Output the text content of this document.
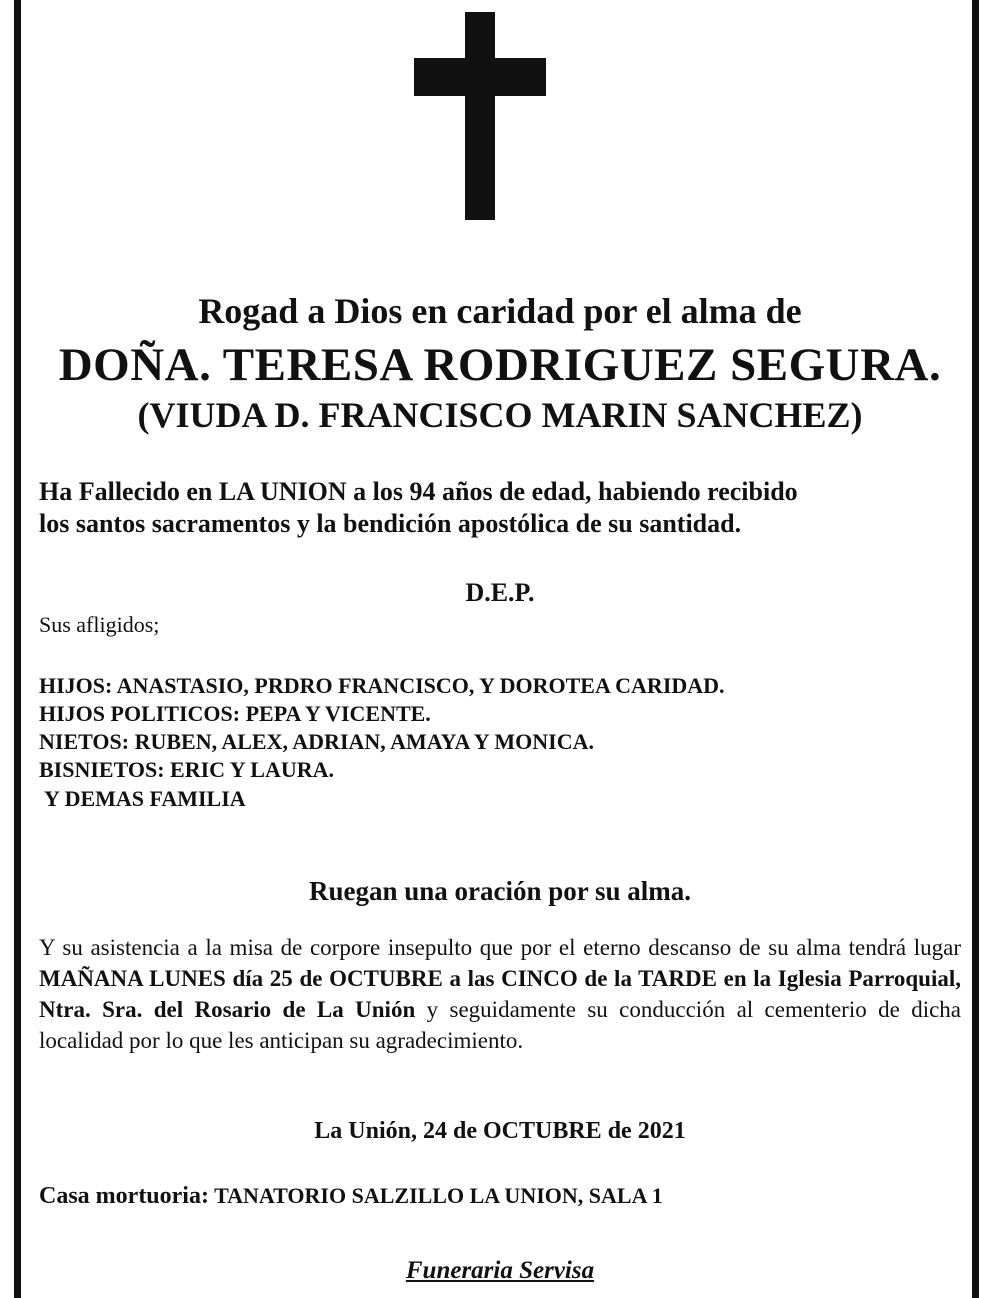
Rogad a Dios en caridad por el alma de
DOÑA. TERESA RODRIGUEZ SEGURA.
(VIUDA D. FRANCISCO MARIN SANCHEZ)
Ha Fallecido en LA UNION a los 94 años de edad, habiendo recibido
los santos sacramentos y la bendición apostólica de su santidad.
D.E.P.
Sus afligidos;
HIJOS: ANASTASIO, PRDRO FRANCISCO, Y DOROTEA CARIDAD.
HIJOS POLITICOS: PEPA Y VICENTE.
NIETOS: RUBEN, ALEX, ADRIAN, AMAYA Y MONICA.
BISNIETOS: ERIC Y LAURA.
Y DEMAS FAMILIA
Ruegan una oración por su alma.
Y su asistencia a la misa de corpore insepulto que por el eterno descanso de su alma tendrá lugar MAÑANA LUNES día 25 de OCTUBRE a las CINCO de la TARDE en la Iglesia Parroquial, Ntra. Sra. del Rosario de La Unión y seguidamente su conducción al cementerio de dicha localidad por lo que les anticipan su agradecimiento.
La Unión, 24 de OCTUBRE de 2021
Casa mortuoria: TANATORIO SALZILLO LA UNION, SALA 1
Funeraria Servisa
